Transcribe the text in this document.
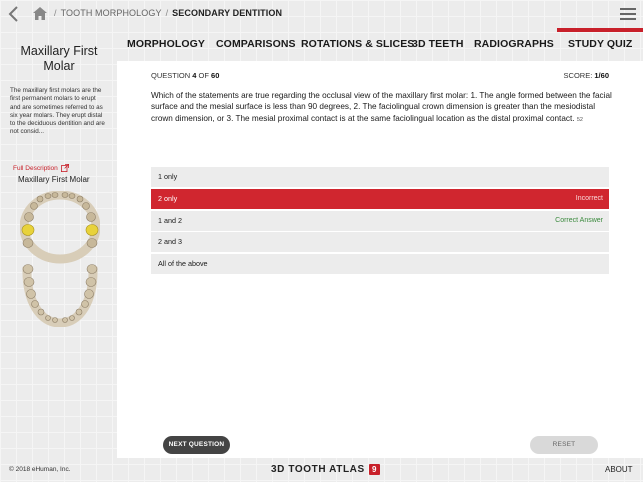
/ TOOTH MORPHOLOGY / SECONDARY DENTITION
Maxillary First Molar
The maxillary first molars are the first permanent molars to erupt and are sometimes referred to as six year molars. They erupt distal to the deciduous dentition and are not consid...
Full Description
Maxillary First Molar
MORPHOLOGY COMPARISONS ROTATIONS & SLICES
3D TEETH RADIOGRAPHS STUDY QUIZ
QUESTION 4 OF 60	SCORE: 1/60
Which of the statements are true regarding the occlusal view of the maxillary first molar: 1. The angle formed between the facial surface and the mesial surface is less than 90 degrees, 2. The faciolingual crown dimension is greater than the mesiodistal crown dimension, or 3. The mesial proximal contact is at the same faciolingual location as the distal proximal contact. 52
1 only
2 only	Incorrect
1 and 2	Correct Answer
2 and 3
All of the above
NEXT QUESTION	RESET
© 2018 eHuman, Inc.	3D TOOTH ATLAS 9	ABOUT
